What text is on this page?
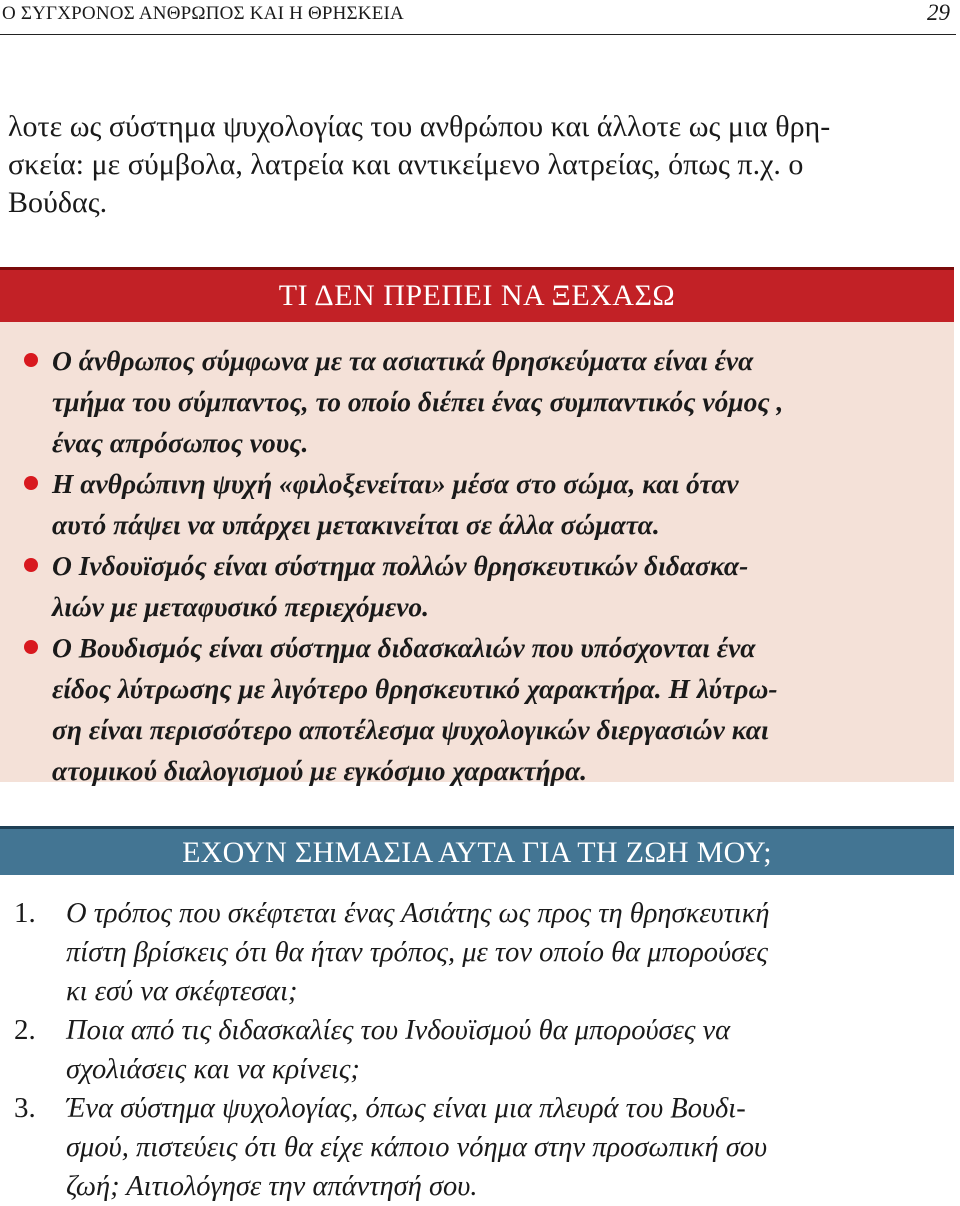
Ο ΣΥΓΧΡΟΝΟΣ ΑΝΘΡΩΠΟΣ ΚΑΙ Η ΘΡΗΣΚΕΙΑ	29

λοτε ως σύστημα ψυχολογίας του ανθρώπου και άλλοτε ως μια θρη-
σκεία: με σύμβολα, λατρεία και αντικείμενο λατρείας, όπως π.χ. ο
Βούδας.

ΤΙ ΔΕΝ ΠΡΕΠΕΙ ΝΑ ΞΕΧΑΣΩ
Ο άνθρωπος σύμφωνα με τα ασιατικά θρησκεύματα είναι ένα
τμήμα του σύμπαντος, το οποίο διέπει ένας συμπαντικός νόμος ,
ένας απρόσωπος νους.
Η ανθρώπινη ψυχή «φιλοξενείται» μέσα στο σώμα, και όταν
αυτό πάψει να υπάρχει μετακινείται σε άλλα σώματα.
Ο Ινδουϊσμός είναι σύστημα πολλών θρησκευτικών διδασκα-
λιών με μεταφυσικό περιεχόμενο.
Ο Βουδισμός είναι σύστημα διδασκαλιών που υπόσχονται ένα
είδος λύτρωσης με λιγότερο θρησκευτικό χαρακτήρα. Η λύτρω-
ση είναι περισσότερο αποτέλεσμα ψυχολογικών διεργασιών και
ατομικού διαλογισμού με εγκόσμιο χαρακτήρα.
ΕΧΟΥΝ ΣΗΜΑΣΙΑ ΑΥΤΑ ΓΙΑ ΤΗ ΖΩΗ ΜΟΥ;
1. Ο τρόπος που σκέφτεται ένας Ασιάτης ως προς τη θρησκευτική
πίστη βρίσκεις ότι θα ήταν τρόπος, με τον οποίο θα μπορούσες
κι εσύ να σκέφτεσαι;
2. Ποια από τις διδασκαλίες του Ινδουϊσμού θα μπορούσες να
σχολιάσεις και να κρίνεις;
3. Ένα σύστημα ψυχολογίας, όπως είναι μια πλευρά του Βουδι-
σμού, πιστεύεις ότι θα είχε κάποιο νόημα στην προσωπική σου
ζωή; Αιτιολόγησε την απάντησή σου.
